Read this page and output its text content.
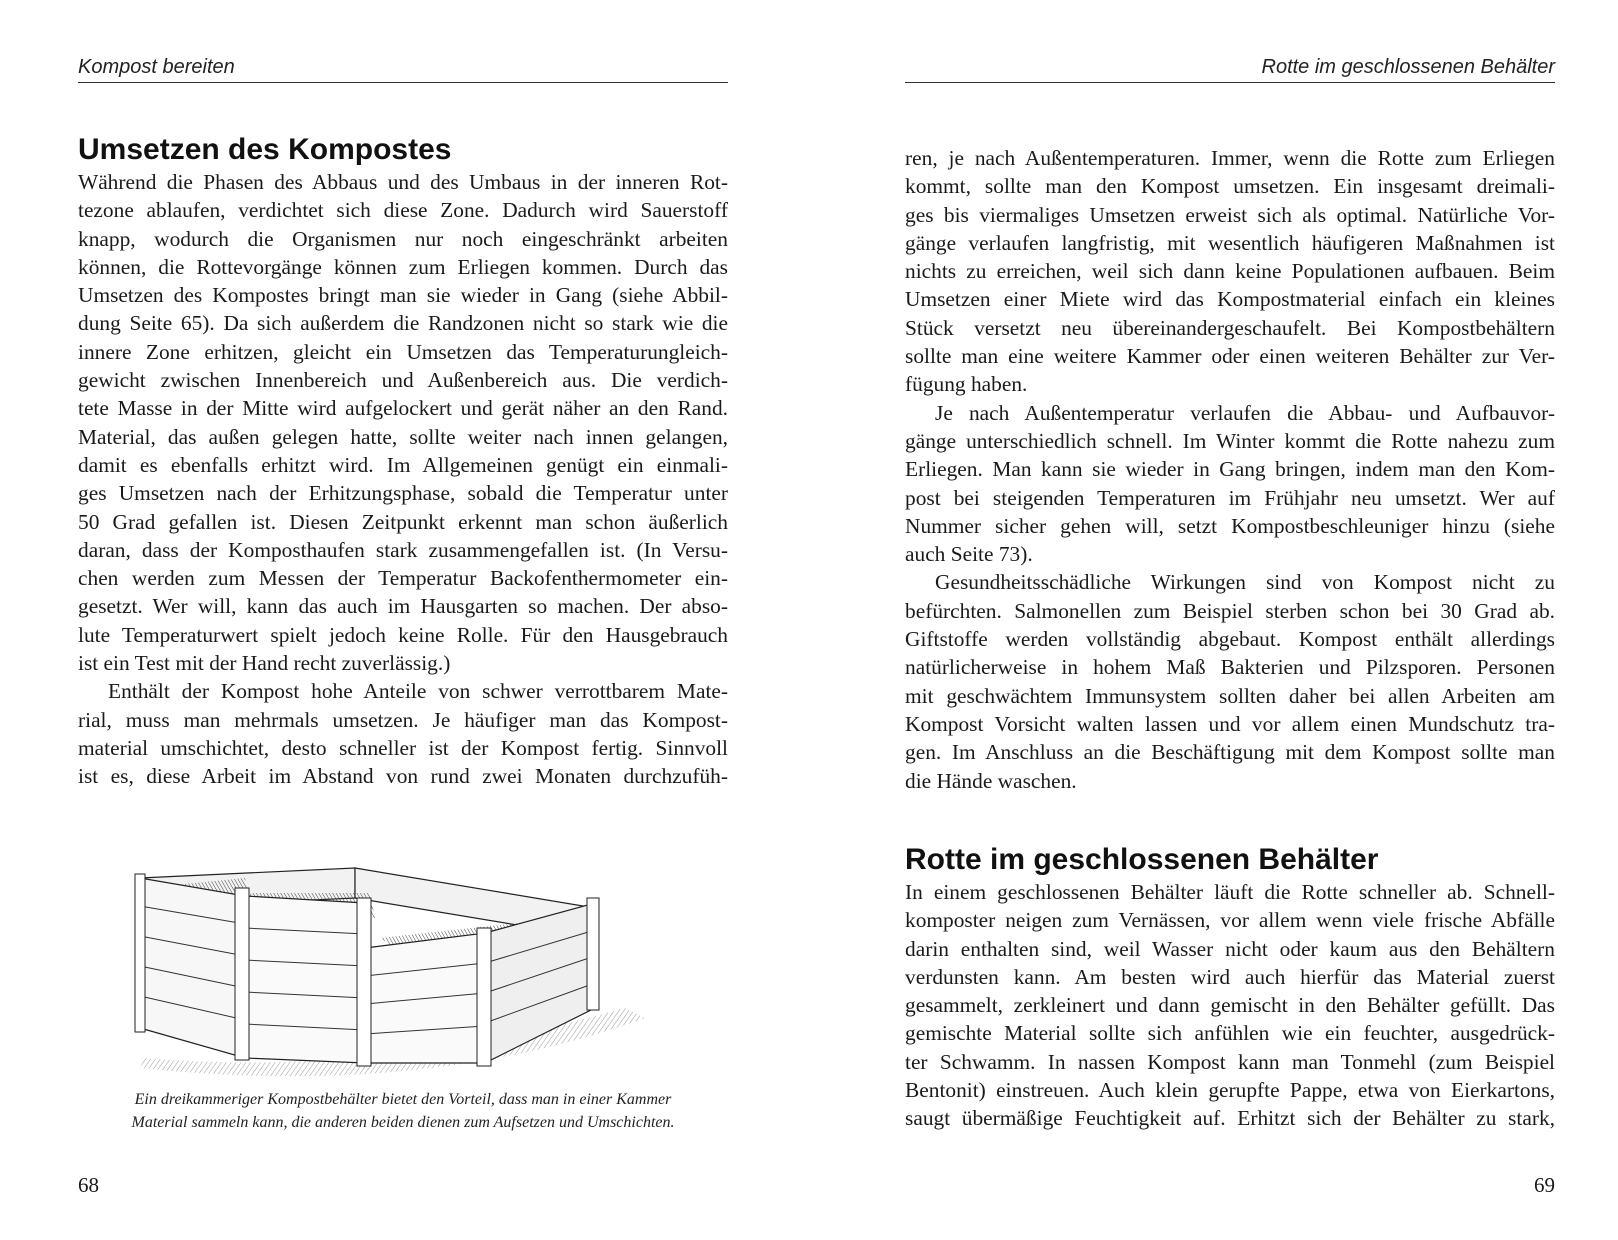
Kompost bereiten
Umsetzen des Kompostes
Während die Phasen des Abbaus und des Umbaus in der inneren Rot-
tezone ablaufen, verdichtet sich diese Zone. Dadurch wird Sauerstoff
knapp, wodurch die Organismen nur noch eingeschränkt arbeiten
können, die Rottevorgänge können zum Erliegen kommen. Durch das
Umsetzen des Kompostes bringt man sie wieder in Gang (siehe Abbil-
dung Seite 65). Da sich außerdem die Randzonen nicht so stark wie die
innere Zone erhitzen, gleicht ein Umsetzen das Temperaturungleich-
gewicht zwischen Innenbereich und Außenbereich aus. Die verdich-
tete Masse in der Mitte wird aufgelockert und gerät näher an den Rand.
Material, das außen gelegen hatte, sollte weiter nach innen gelangen,
damit es ebenfalls erhitzt wird. Im Allgemeinen genügt ein einmali-
ges Umsetzen nach der Erhitzungsphase, sobald die Temperatur unter
50 Grad gefallen ist. Diesen Zeitpunkt erkennt man schon äußerlich
daran, dass der Komposthaufen stark zusammengefallen ist. (In Versu-
chen werden zum Messen der Temperatur Backofenthermometer ein-
gesetzt. Wer will, kann das auch im Hausgarten so machen. Der abso-
lute Temperaturwert spielt jedoch keine Rolle. Für den Hausgebrauch
ist ein Test mit der Hand recht zuverlässig.)
Enthält der Kompost hohe Anteile von schwer verrottbarem Mate-
rial, muss man mehrmals umsetzen. Je häufiger man das Kompost-
material umschichtet, desto schneller ist der Kompost fertig. Sinnvoll
ist es, diese Arbeit im Abstand von rund zwei Monaten durchzufüh-
Ein dreikammeriger Kompostbehälter bietet den Vorteil, dass man in einer Kammer
Material sammeln kann, die anderen beiden dienen zum Aufsetzen und Umschichten.
68
Rotte im geschlossenen Behälter
ren, je nach Außentemperaturen. Immer, wenn die Rotte zum Erliegen
kommt, sollte man den Kompost umsetzen. Ein insgesamt dreimali-
ges bis viermaliges Umsetzen erweist sich als optimal. Natürliche Vor-
gänge verlaufen langfristig, mit wesentlich häufigeren Maßnahmen ist
nichts zu erreichen, weil sich dann keine Populationen aufbauen. Beim
Umsetzen einer Miete wird das Kompostmaterial einfach ein kleines
Stück versetzt neu übereinandergeschaufelt. Bei Kompostbehältern
sollte man eine weitere Kammer oder einen weiteren Behälter zur Ver-
fügung haben.
Je nach Außentemperatur verlaufen die Abbau- und Aufbauvor-
gänge unterschiedlich schnell. Im Winter kommt die Rotte nahezu zum
Erliegen. Man kann sie wieder in Gang bringen, indem man den Kom-
post bei steigenden Temperaturen im Frühjahr neu umsetzt. Wer auf
Nummer sicher gehen will, setzt Kompostbeschleuniger hinzu (siehe
auch Seite 73).
Gesundheitsschädliche Wirkungen sind von Kompost nicht zu
befürchten. Salmonellen zum Beispiel sterben schon bei 30 Grad ab.
Giftstoffe werden vollständig abgebaut. Kompost enthält allerdings
natürlicherweise in hohem Maß Bakterien und Pilzsporen. Personen
mit geschwächtem Immunsystem sollten daher bei allen Arbeiten am
Kompost Vorsicht walten lassen und vor allem einen Mundschutz tra-
gen. Im Anschluss an die Beschäftigung mit dem Kompost sollte man
die Hände waschen.
Rotte im geschlossenen Behälter
In einem geschlossenen Behälter läuft die Rotte schneller ab. Schnell-
komposter neigen zum Vernässen, vor allem wenn viele frische Abfälle
darin enthalten sind, weil Wasser nicht oder kaum aus den Behältern
verdunsten kann. Am besten wird auch hierfür das Material zuerst
gesammelt, zerkleinert und dann gemischt in den Behälter gefüllt. Das
gemischte Material sollte sich anfühlen wie ein feuchter, ausgedrück-
ter Schwamm. In nassen Kompost kann man Tonmehl (zum Beispiel
Bentonit) einstreuen. Auch klein gerupfte Pappe, etwa von Eierkartons,
saugt übermäßige Feuchtigkeit auf. Erhitzt sich der Behälter zu stark,
69
